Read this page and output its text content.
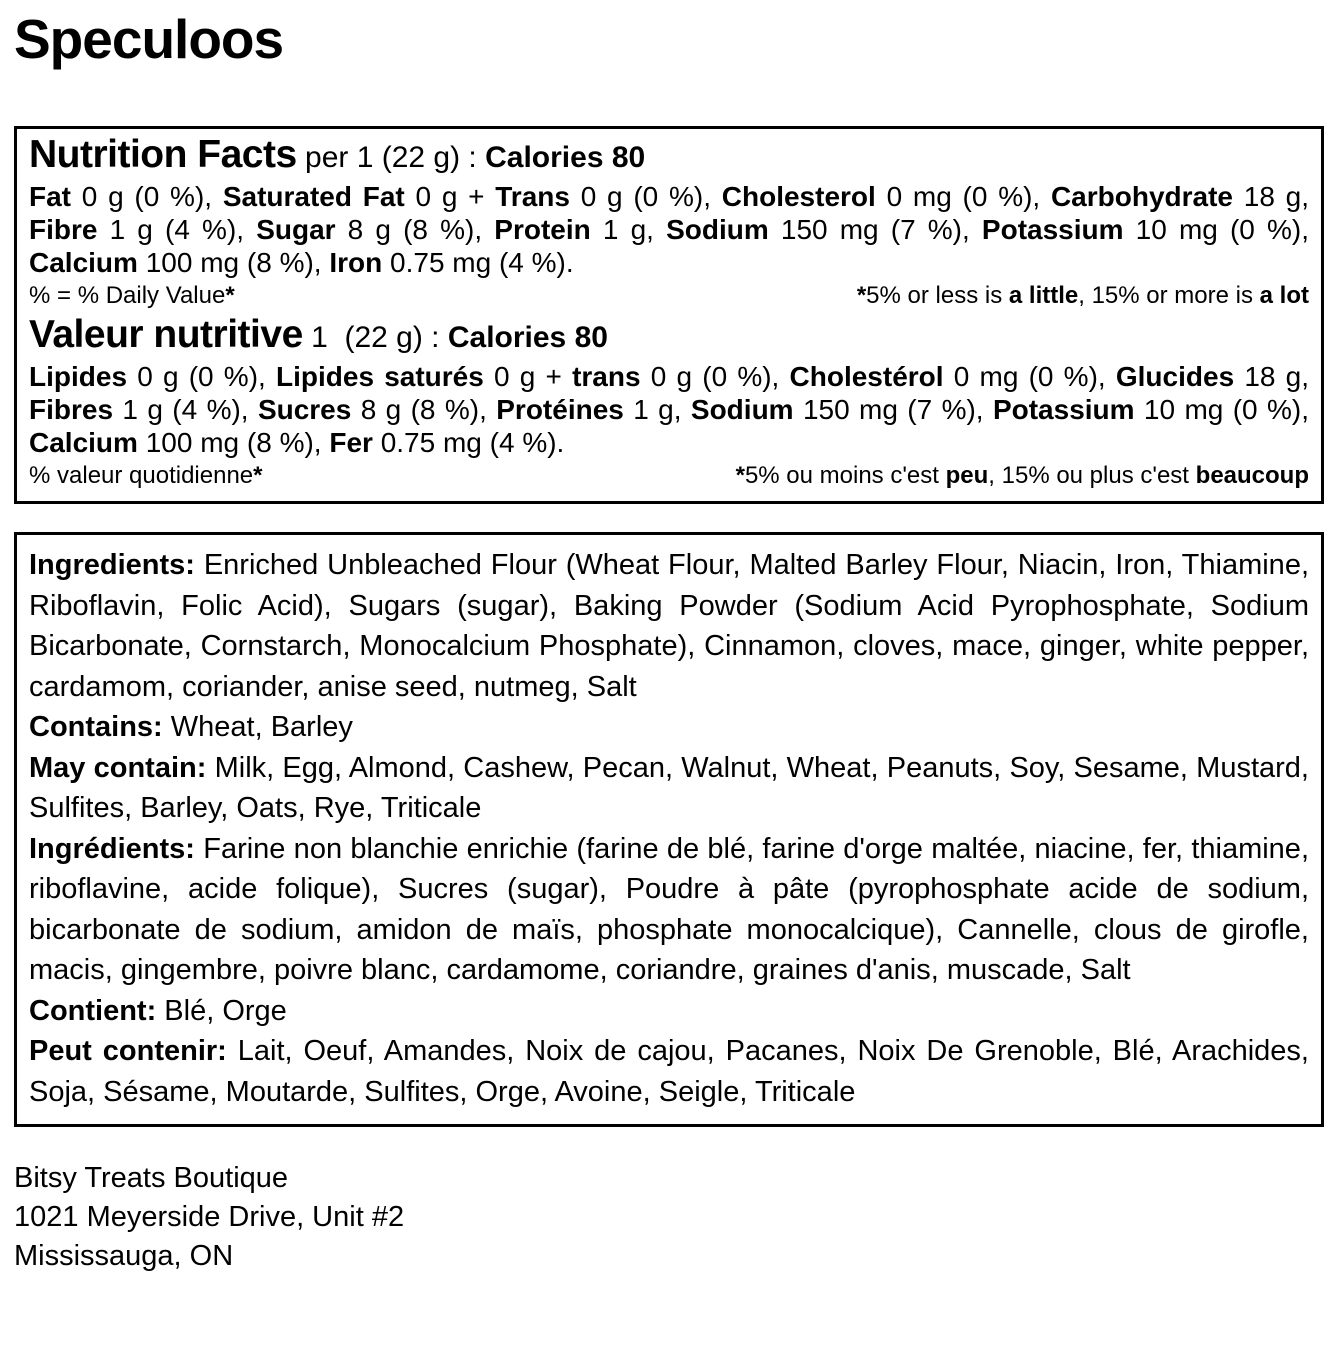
Speculoos
Nutrition Facts per 1 (22 g) : Calories 80

Fat 0 g (0 %), Saturated Fat 0 g + Trans 0 g (0 %), Cholesterol 0 mg (0 %), Carbohydrate 18 g, Fibre 1 g (4 %), Sugar 8 g (8 %), Protein 1 g, Sodium 150 mg (7 %), Potassium 10 mg (0 %), Calcium 100 mg (8 %), Iron 0.75 mg (4 %).

% = % Daily Value*	*5% or less is a little, 15% or more is a lot
Valeur nutritive 1  (22 g) : Calories 80

Lipides 0 g (0 %), Lipides saturés 0 g + trans 0 g (0 %), Cholestérol 0 mg (0 %), Glucides 18 g, Fibres 1 g (4 %), Sucres 8 g (8 %), Protéines 1 g, Sodium 150 mg (7 %), Potassium 10 mg (0 %), Calcium 100 mg (8 %), Fer 0.75 mg (4 %).

% valeur quotidienne*	*5% ou moins c'est peu, 15% ou plus c'est beaucoup

Ingredients: Enriched Unbleached Flour (Wheat Flour, Malted Barley Flour, Niacin, Iron, Thiamine, Riboflavin, Folic Acid), Sugars (sugar), Baking Powder (Sodium Acid Pyrophosphate, Sodium Bicarbonate, Cornstarch, Monocalcium Phosphate), Cinnamon, cloves, mace, ginger, white pepper, cardamom, coriander, anise seed, nutmeg, Salt

Contains: Wheat, Barley

May contain: Milk, Egg, Almond, Cashew, Pecan, Walnut, Wheat, Peanuts, Soy, Sesame, Mustard, Sulfites, Barley, Oats, Rye, Triticale

Ingrédients: Farine non blanchie enrichie (farine de blé, farine d'orge maltée, niacine, fer, thiamine, riboflavine, acide folique), Sucres (sugar), Poudre à pâte (pyrophosphate acide de sodium, bicarbonate de sodium, amidon de maïs, phosphate monocalcique), Cannelle, clous de girofle, macis, gingembre, poivre blanc, cardamome, coriandre, graines d'anis, muscade, Salt

Contient: Blé, Orge

Peut contenir: Lait, Oeuf, Amandes, Noix de cajou, Pacanes, Noix De Grenoble, Blé, Arachides, Soja, Sésame, Moutarde, Sulfites, Orge, Avoine, Seigle, Triticale

Bitsy Treats Boutique
1021 Meyerside Drive, Unit #2
Mississauga, ON
